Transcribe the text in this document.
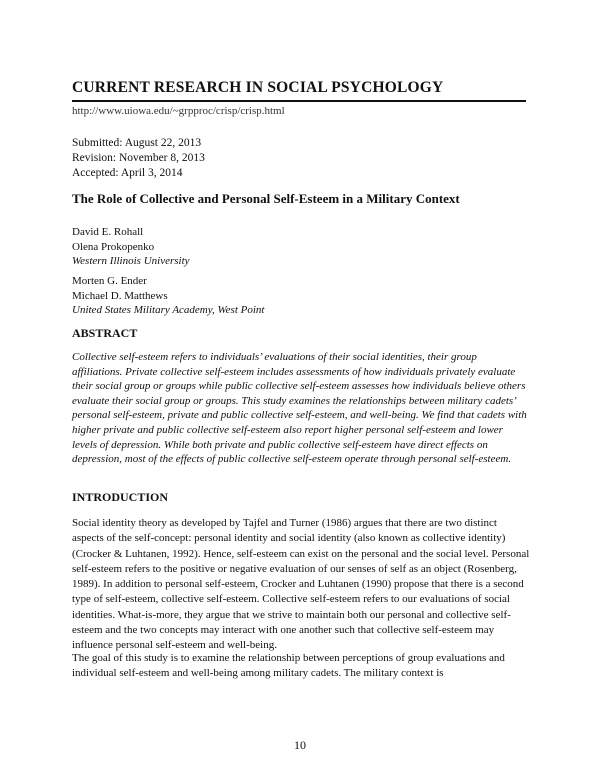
CURRENT RESEARCH IN SOCIAL PSYCHOLOGY
http://www.uiowa.edu/~grpproc/crisp/crisp.html
Submitted: August 22, 2013
Revision: November 8, 2013
Accepted: April 3, 2014
The Role of Collective and Personal Self-Esteem in a Military Context
David E. Rohall
Olena Prokopenko
Western Illinois University
Morten G. Ender
Michael D. Matthews
United States Military Academy, West Point
ABSTRACT
Collective self-esteem refers to individuals’ evaluations of their social identities, their group affiliations. Private collective self-esteem includes assessments of how individuals privately evaluate their social group or groups while public collective self-esteem assesses how individuals believe others evaluate their social group or groups. This study examines the relationships between military cadets’ personal self-esteem, private and public collective self-esteem, and well-being. We find that cadets with higher private and public collective self-esteem also report higher personal self-esteem and lower levels of depression. While both private and public collective self-esteem have direct effects on depression, most of the effects of public collective self-esteem operate through personal self-esteem.
INTRODUCTION
Social identity theory as developed by Tajfel and Turner (1986) argues that there are two distinct aspects of the self-concept: personal identity and social identity (also known as collective identity) (Crocker & Luhtanen, 1992). Hence, self-esteem can exist on the personal and the social level. Personal self-esteem refers to the positive or negative evaluation of our senses of self as an object (Rosenberg, 1989). In addition to personal self-esteem, Crocker and Luhtanen (1990) propose that there is a second type of self-esteem, collective self-esteem. Collective self-esteem refers to our evaluations of social identities. What-is-more, they argue that we strive to maintain both our personal and collective self-esteem and the two concepts may interact with one another such that collective self-esteem may influence personal self-esteem and well-being.
The goal of this study is to examine the relationship between perceptions of group evaluations and individual self-esteem and well-being among military cadets. The military context is
10
